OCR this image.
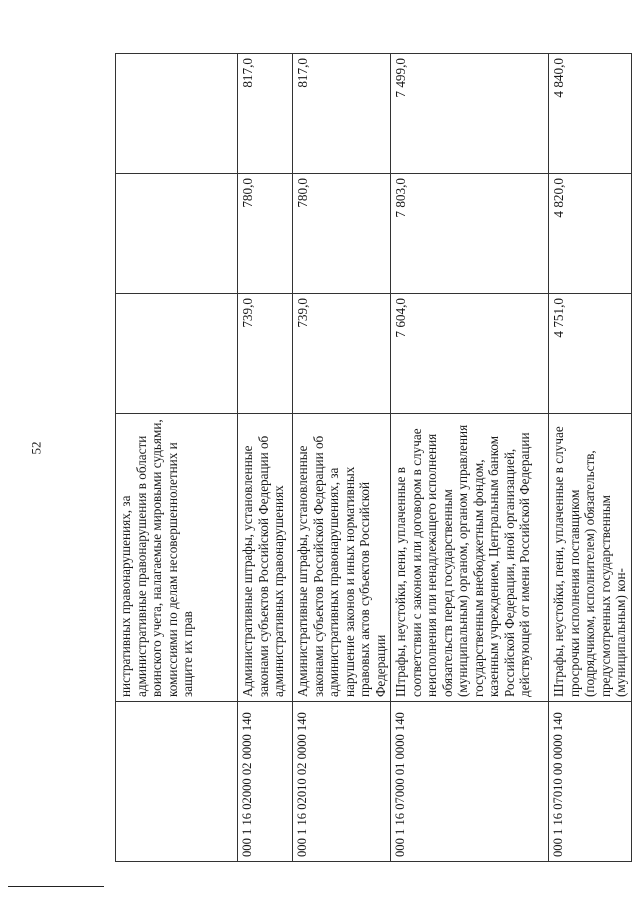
52
	нистративных правонарушениях, за административные правонарушения в области воинского учета, налагаемые мировыми судьями, комиссиями по делам несовершеннолетних и защите их прав			
000 1 16 02000 02 0000 140	Административные штрафы, установленные законами субъектов Российской Федерации об административных правонарушениях	739,0	780,0	817,0
000 1 16 02010 02 0000 140	Административные штрафы, установленные законами субъектов Российской Федерации об административных правонарушениях, за нарушение законов и иных нормативных правовых актов субъектов Российской Федерации	739,0	780,0	817,0
000 1 16 07000 01 0000 140	Штрафы, неустойки, пени, уплаченные в соответствии с законом или договором в случае неисполнения или ненадлежащего исполнения обязательств перед государственным (муниципальным) органом, органом управления государственным внебюджетным фондом, казенным учреждением, Центральным банком Российской Федерации, иной организацией, действующей от имени Российской Федерации	7 604,0	7 803,0	7 499,0
000 1 16 07010 00 0000 140	Штрафы, неустойки, пени, уплаченные в случае просрочки исполнения поставщиком (подрядчиком, исполнителем) обязательств, предусмотренных государственным (муниципальным) кон-	4 751,0	4 820,0	4 840,0
